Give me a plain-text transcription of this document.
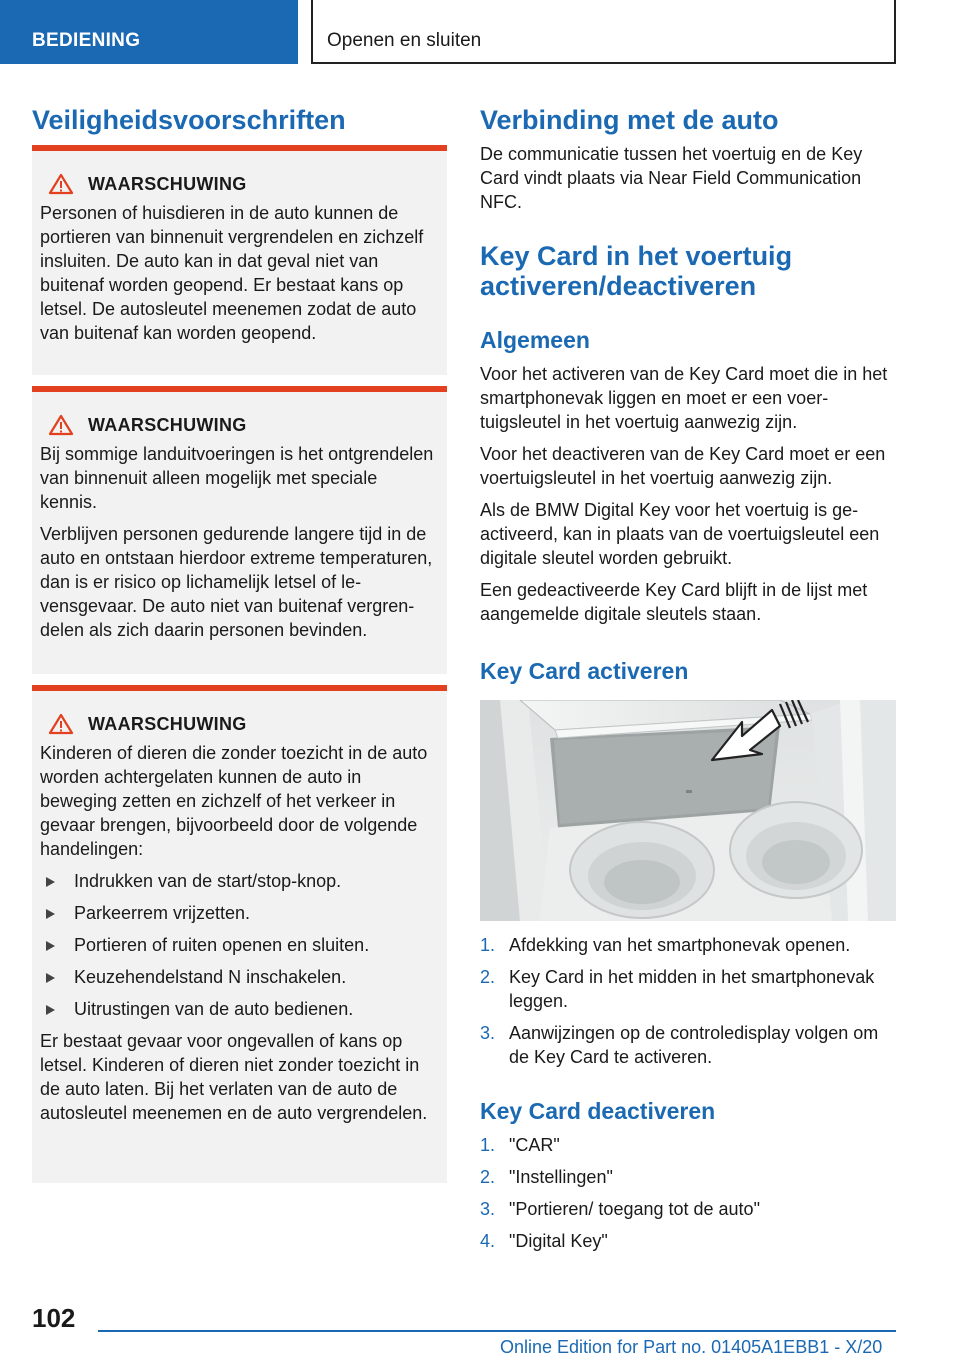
BEDIENING	Openen en sluiten
Veiligheidsvoorschriften
WAARSCHUWING

Personen of huisdieren in de auto kunnen de portieren van binnenuit vergrendelen en zichzelf insluiten. De auto kan in dat geval niet van buitenaf worden geopend. Er bestaat kans op letsel. De autosleutel meenemen zodat de auto van buitenaf kan worden geopend.

WAARSCHUWING

Bij sommige landuitvoeringen is het ontgrendelen van binnenuit alleen mogelijk met speciale kennis.

Verblijven personen gedurende langere tijd in de auto en ontstaan hierdoor extreme temperaturen, dan is er risico op lichamelijk letsel of levensgevaar. De auto niet van buitenaf vergrendelen als zich daarin personen bevinden.

WAARSCHUWING

Kinderen of dieren die zonder toezicht in de auto worden achtergelaten kunnen de auto in beweging zetten en zichzelf of het verkeer in gevaar brengen, bijvoorbeeld door de volgende handelingen:

Indrukken van de start/stop-knop.
Parkeerrem vrijzetten.
Portieren of ruiten openen en sluiten.
Keuzehendelstand N inschakelen.
Uitrustingen van de auto bedienen.

Er bestaat gevaar voor ongevallen of kans op letsel. Kinderen of dieren niet zonder toezicht in de auto laten. Bij het verlaten van de auto de autosleutel meenemen en de auto vergrendelen.

Verbinding met de auto

De communicatie tussen het voertuig en de Key Card vindt plaats via Near Field Communication NFC.

Key Card in het voertuig activeren/deactiveren
Algemeen

Voor het activeren van de Key Card moet die in het smartphonevak liggen en moet er een voertuigsleutel in het voertuig aanwezig zijn.

Voor het deactiveren van de Key Card moet er een voertuigsleutel in het voertuig aanwezig zijn.

Als de BMW Digital Key voor het voertuig is geactiveerd, kan in plaats van de voertuigsleutel een digitale sleutel worden gebruikt.

Een gedeactiveerde Key Card blijft in de lijst met aangemelde digitale sleutels staan.

Key Card activeren
1. Afdekking van het smartphonevak openen.
2. Key Card in het midden in het smartphonevak leggen.
3. Aanwijzingen op de controledisplay volgen om de Key Card te activeren.
Key Card deactiveren
1. "CAR"
2. "Instellingen"
3. "Portieren/ toegang tot de auto"
4. "Digital Key"
102
Online Edition for Part no. 01405A1EBB1 - X/20
